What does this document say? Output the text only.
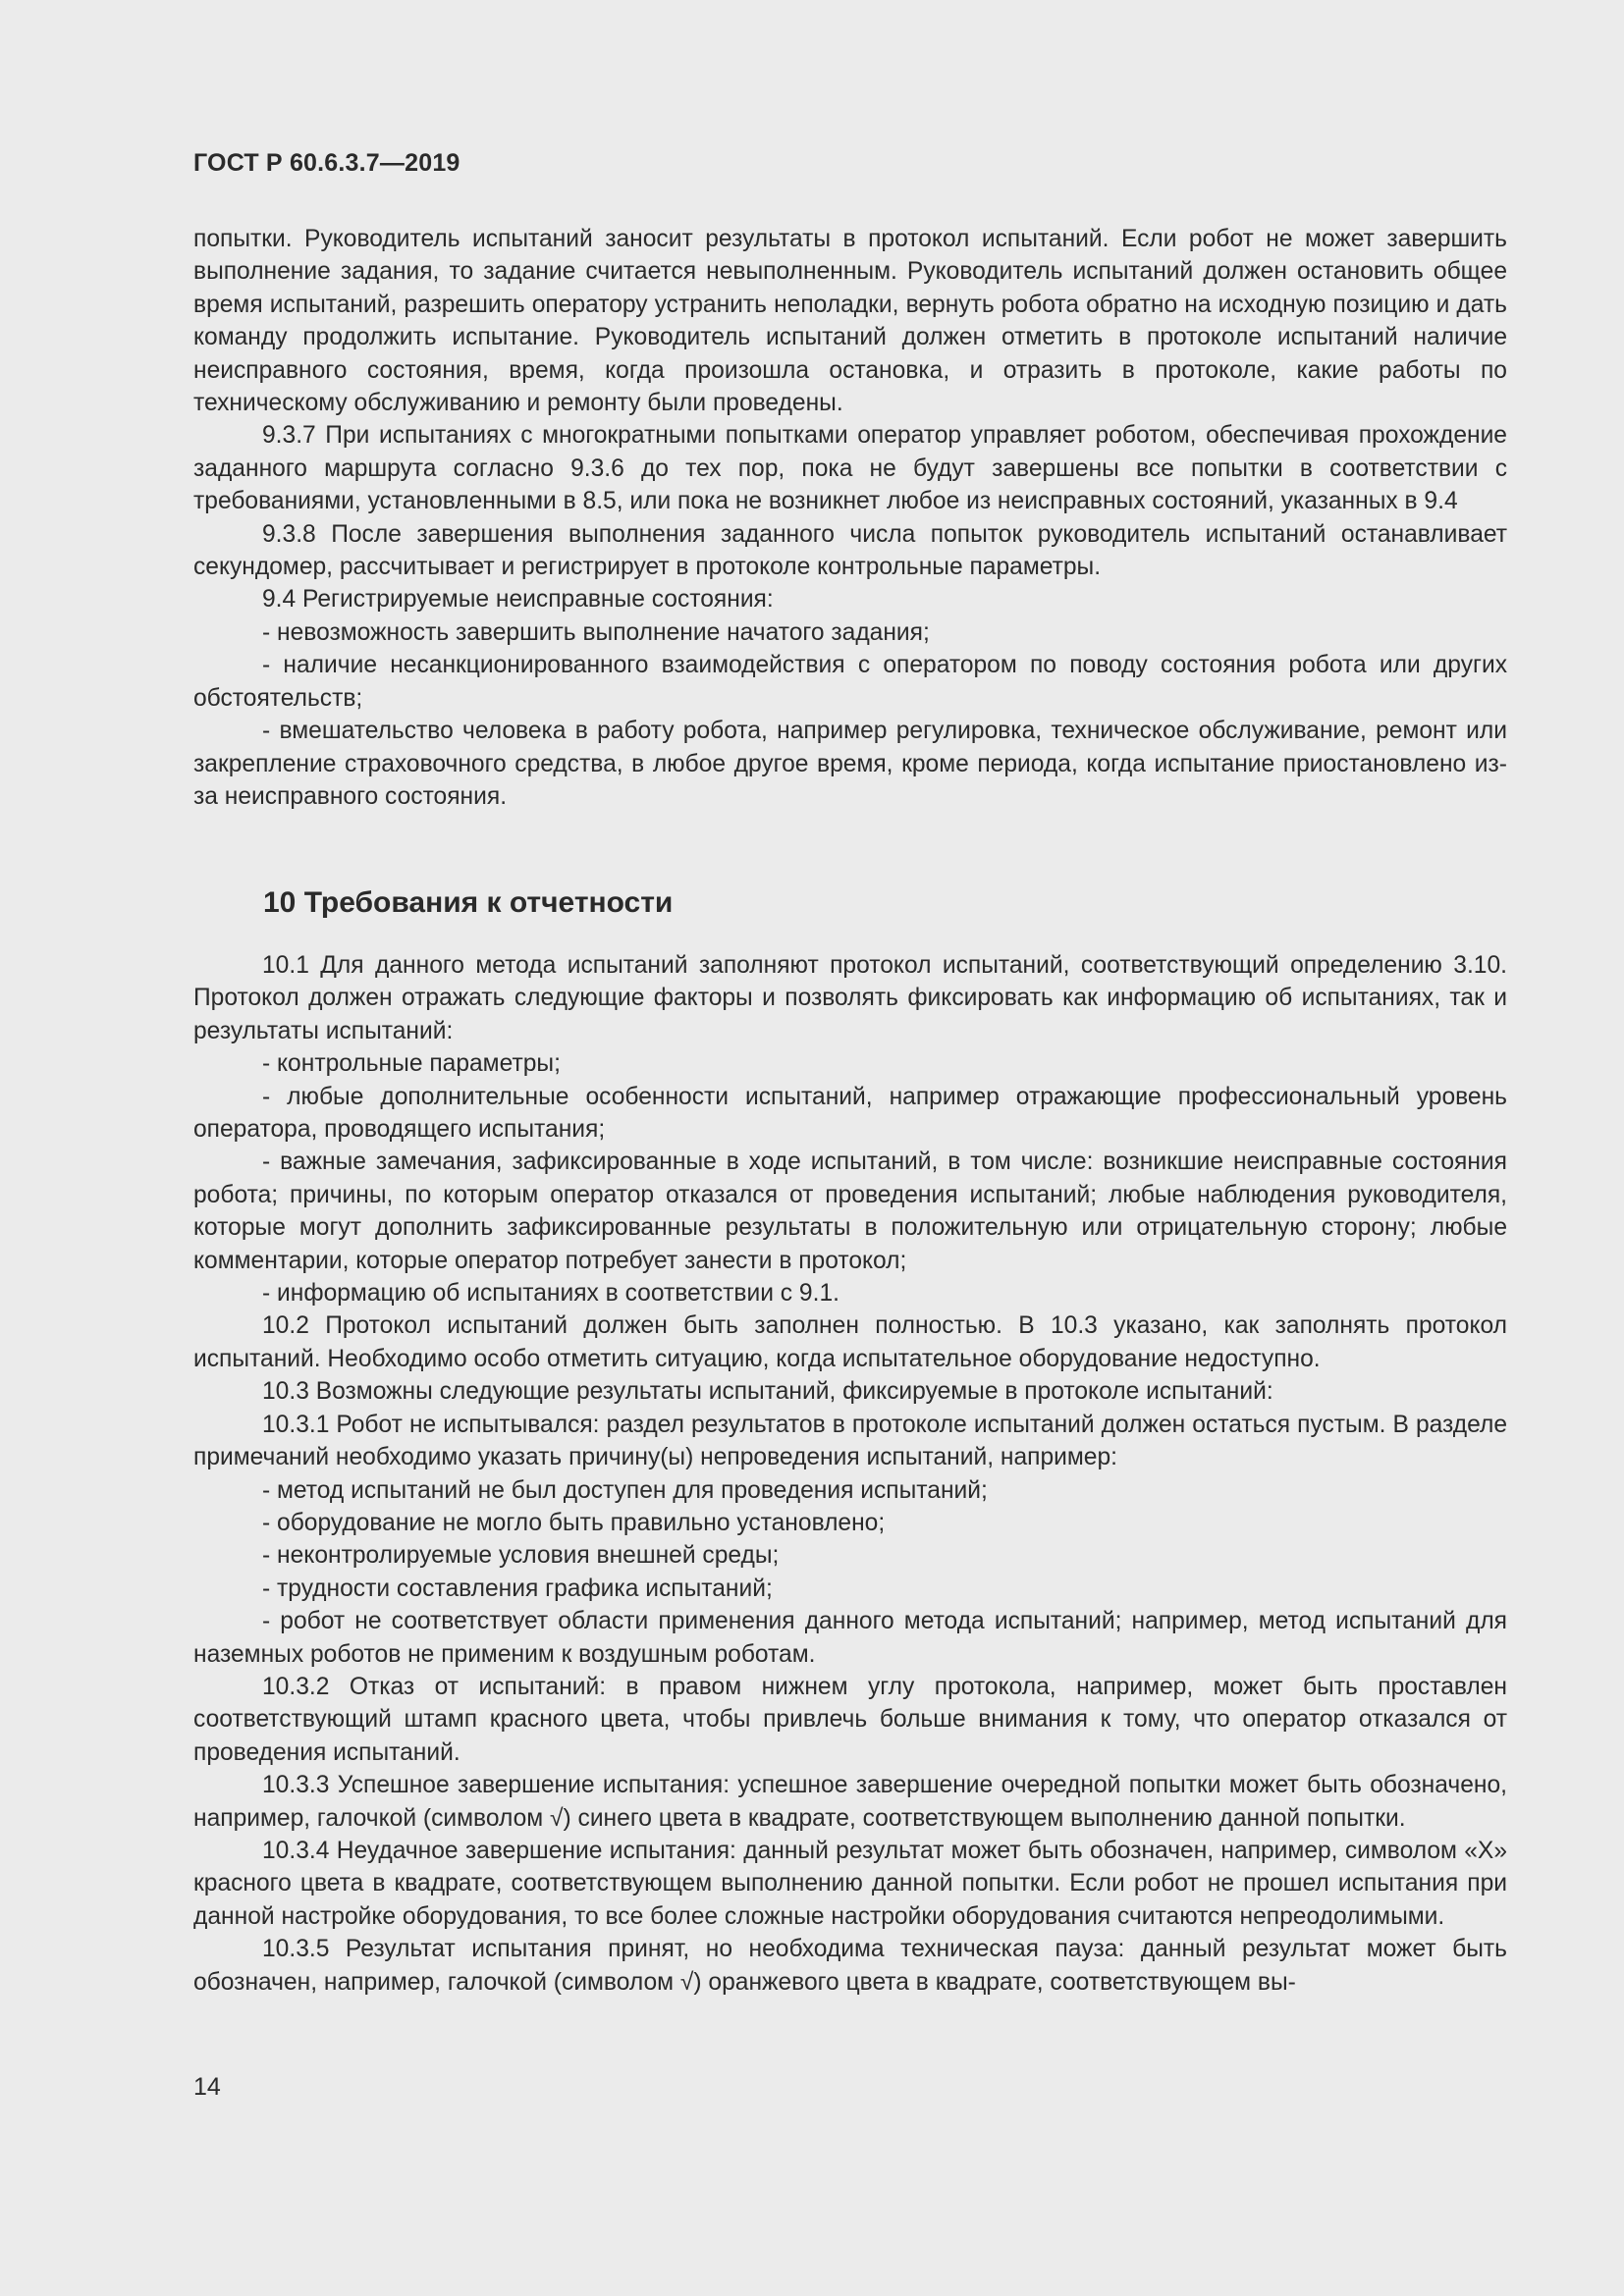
ГОСТ Р 60.6.3.7—2019

попытки. Руководитель испытаний заносит результаты в протокол испытаний. Если робот не может завершить выполнение задания, то задание считается невыполненным. Руководитель испытаний должен остановить общее время испытаний, разрешить оператору устранить неполадки, вернуть робота обратно на исходную позицию и дать команду продолжить испытание. Руководитель испытаний должен отметить в протоколе испытаний наличие неисправного состояния, время, когда произошла остановка, и отразить в протоколе, какие работы по техническому обслуживанию и ремонту были проведены.

9.3.7 При испытаниях с многократными попытками оператор управляет роботом, обеспечивая прохождение заданного маршрута согласно 9.3.6 до тех пор, пока не будут завершены все попытки в соответствии с требованиями, установленными в 8.5, или пока не возникнет любое из неисправных состояний, указанных в 9.4

9.3.8 После завершения выполнения заданного числа попыток руководитель испытаний останавливает секундомер, рассчитывает и регистрирует в протоколе контрольные параметры.

9.4 Регистрируемые неисправные состояния:

- невозможность завершить выполнение начатого задания;

- наличие несанкционированного взаимодействия с оператором по поводу состояния робота или других обстоятельств;

- вмешательство человека в работу робота, например регулировка, техническое обслуживание, ремонт или закрепление страховочного средства, в любое другое время, кроме периода, когда испытание приостановлено из-за неисправного состояния.

10 Требования к отчетности

10.1 Для данного метода испытаний заполняют протокол испытаний, соответствующий определению 3.10. Протокол должен отражать следующие факторы и позволять фиксировать как информацию об испытаниях, так и результаты испытаний:

- контрольные параметры;

- любые дополнительные особенности испытаний, например отражающие профессиональный уровень оператора, проводящего испытания;

- важные замечания, зафиксированные в ходе испытаний, в том числе: возникшие неисправные состояния робота; причины, по которым оператор отказался от проведения испытаний; любые наблюдения руководителя, которые могут дополнить зафиксированные результаты в положительную или отрицательную сторону; любые комментарии, которые оператор потребует занести в протокол;

- информацию об испытаниях в соответствии с 9.1.

10.2 Протокол испытаний должен быть заполнен полностью. В 10.3 указано, как заполнять протокол испытаний. Необходимо особо отметить ситуацию, когда испытательное оборудование недоступно.

10.3 Возможны следующие результаты испытаний, фиксируемые в протоколе испытаний:

10.3.1 Робот не испытывался: раздел результатов в протоколе испытаний должен остаться пустым. В разделе примечаний необходимо указать причину(ы) непроведения испытаний, например:

- метод испытаний не был доступен для проведения испытаний;

- оборудование не могло быть правильно установлено;

- неконтролируемые условия внешней среды;

- трудности составления графика испытаний;

- робот не соответствует области применения данного метода испытаний; например, метод испытаний для наземных роботов не применим к воздушным роботам.

10.3.2 Отказ от испытаний: в правом нижнем углу протокола, например, может быть проставлен соответствующий штамп красного цвета, чтобы привлечь больше внимания к тому, что оператор отказался от проведения испытаний.

10.3.3 Успешное завершение испытания: успешное завершение очередной попытки может быть обозначено, например, галочкой (символом √) синего цвета в квадрате, соответствующем выполнению данной попытки.

10.3.4 Неудачное завершение испытания: данный результат может быть обозначен, например, символом «Х» красного цвета в квадрате, соответствующем выполнению данной попытки. Если робот не прошел испытания при данной настройке оборудования, то все более сложные настройки оборудования считаются непреодолимыми.

10.3.5 Результат испытания принят, но необходима техническая пауза: данный результат может быть обозначен, например, галочкой (символом √) оранжевого цвета в квадрате, соответствующем вы-

14
